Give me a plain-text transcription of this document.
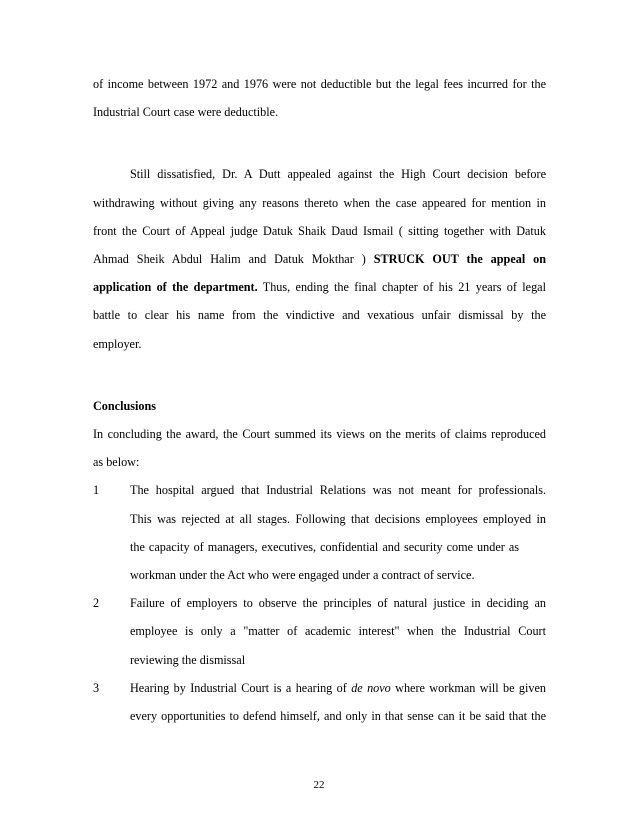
of income between 1972 and 1976 were not deductible but the legal fees incurred for the
Industrial Court case were deductible.
Still dissatisfied, Dr. A Dutt appealed against the High Court decision before
withdrawing without giving any reasons thereto when the case appeared for mention in
front the Court of Appeal judge Datuk Shaik Daud Ismail ( sitting together with Datuk
Ahmad Sheik Abdul Halim and Datuk Mokthar ) STRUCK OUT the appeal on
application of the department. Thus, ending the final chapter of his 21 years of legal
battle to clear his name from the vindictive and vexatious unfair dismissal by the
employer.
Conclusions
In concluding the award, the Court summed its views on the merits of claims reproduced
as below:
1	The hospital argued that Industrial Relations was not meant for professionals.
This was rejected at all stages. Following that decisions employees employed in
the capacity of managers, executives, confidential and security come under as
workman under the Act who were engaged under a contract of service.
2	Failure of employers to observe the principles of natural justice in deciding an
employee is only a "matter of academic interest" when the Industrial Court
reviewing the dismissal
3	Hearing by Industrial Court is a hearing of de novo where workman will be given
every opportunities to defend himself, and only in that sense can it be said that the
22
